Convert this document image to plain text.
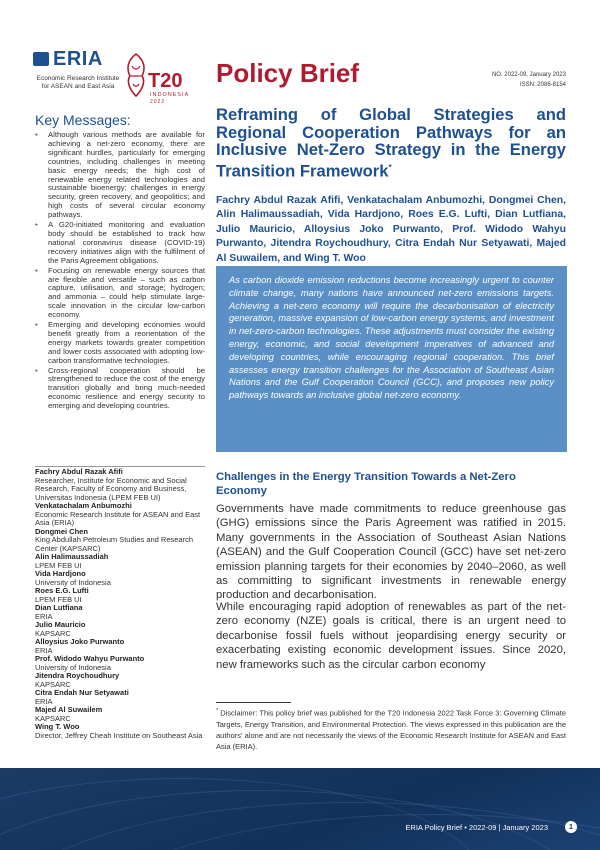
ERIA
Economic Research Institute for ASEAN and East Asia	T20
INDONESIA
2022
Policy Brief	NO. 2022-09, January 2023
ISSN: 2086-8154
Key Messages:
• Although various methods are available for achieving a net-zero economy, there are significant hurdles, particularly for emerging countries, including challenges in meeting basic energy needs; the high cost of renewable energy related technologies and sustainable bioenergy; challenges in energy security, green recovery, and geopolitics; and high costs of several circular economy pathways.
• A G20-initiated monitoring and evaluation body should be established to track how national coronavirus disease (COVID-19) recovery initiatives align with the fulfilment of the Paris Agreement obligations.
• Focusing on renewable energy sources that are flexible and versatile – such as carbon capture, utilisation, and storage; hydrogen; and ammonia – could help stimulate large-scale innovation in the circular low-carbon economy.
• Emerging and developing economies would benefit greatly from a reorientation of the energy markets towards greater competition and lower costs associated with adopting low-carbon transformative technologies.
• Cross-regional cooperation should be strengthened to reduce the cost of the energy transition globally and bring much-needed economic resilience and energy security to emerging and developing countries.
Fachry Abdul Razak Afifi
Researcher, Institute for Economic and Social Research, Faculty of Economy and Business, Universitas Indonesia (LPEM FEB UI)
Venkatachalam Anbumozhi
Economic Research Institute for ASEAN and East Asia (ERIA)
Dongmei Chen
King Abdullah Petroleum Studies and Research Center (KAPSARC)
Alin Halimaussadiah
LPEM FEB UI
Vida Hardjono
University of Indonesia
Roes E.G. Lufti
LPEM FEB UI
Dian Lutfiana
ERIA
Julio Mauricio
KAPSARC
Alloysius Joko Purwanto
ERIA
Prof. Widodo Wahyu Purwanto
University of Indonesia
Jitendra Roychoudhury
KAPSARC
Citra Endah Nur Setyawati
ERIA
Majed Al Suwailem
KAPSARC
Wing T. Woo
Director, Jeffrey Cheah Institute on Southeast Asia
Reframing of Global Strategies and Regional Cooperation Pathways for an Inclusive Net-Zero Strategy in the Energy Transition Framework*
Fachry Abdul Razak Afifi, Venkatachalam Anbumozhi, Dongmei Chen, Alin Halimaussadiah, Vida Hardjono, Roes E.G. Lufti, Dian Lutfiana, Julio Mauricio, Alloysius Joko Purwanto, Prof. Widodo Wahyu Purwanto, Jitendra Roychoudhury, Citra Endah Nur Setyawati, Majed Al Suwailem, and Wing T. Woo
As carbon dioxide emission reductions become increasingly urgent to counter climate change, many nations have announced net-zero emissions targets. Achieving a net-zero economy will require the decarbonisation of electricity generation, massive expansion of low-carbon energy systems, and investment in net-zero-carbon technologies. These adjustments must consider the existing energy, economic, and social development imperatives of advanced and developing countries, while encouraging regional cooperation. This brief assesses energy transition challenges for the Association of Southeast Asian Nations and the Gulf Cooperation Council (GCC), and proposes new policy pathways towards an inclusive global net-zero economy.
Challenges in the Energy Transition Towards a Net-Zero Economy

Governments have made commitments to reduce greenhouse gas (GHG) emissions since the Paris Agreement was ratified in 2015. Many governments in the Association of Southeast Asian Nations (ASEAN) and the Gulf Cooperation Council (GCC) have set net-zero emission planning targets for their economies by 2040–2060, as well as committing to significant investments in renewable energy production and decarbonisation.

While encouraging rapid adoption of renewables as part of the net-zero economy (NZE) goals is critical, there is an urgent need to decarbonise fossil fuels without jeopardising energy security or exacerbating existing economic development issues. Since 2020, new frameworks such as the circular carbon economy

* Disclaimer: This policy brief was published for the T20 Indonesia 2022 Task Force 3: Governing Climate Targets, Energy Transition, and Environmental Protection. The views expressed in this publication are the authors' alone and are not necessarily the views of the Economic Research Institute for ASEAN and East Asia (ERIA).
ERIA Policy Brief • 2022-09 | January 2023	1
